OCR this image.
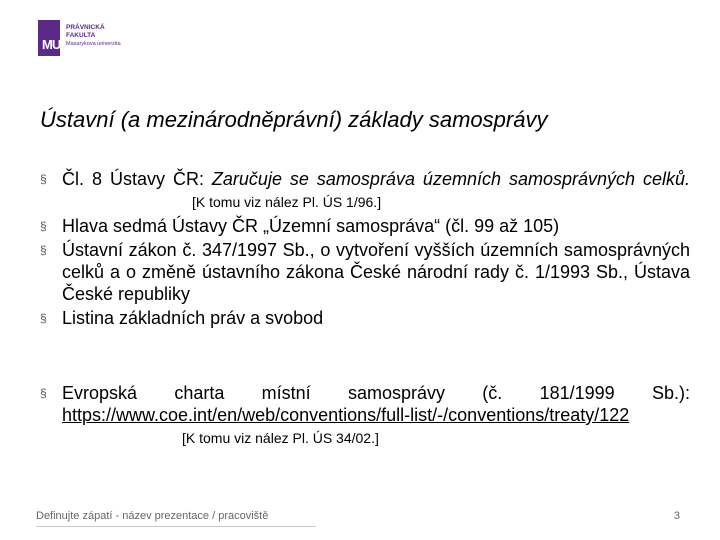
MU
PRÁVNICKÁ
FAKULTA
Masarykova univerzita
Ústavní (a mezinárodněprávní) základy samosprávy
§ Čl. 8 Ústavy ČR: Zaručuje se samospráva územních samosprávných celků. [K tomu viz nález Pl. ÚS 1/96.]
§ Hlava sedmá Ústavy ČR „Územní samospráva“ (čl. 99 až 105)
§ Ústavní zákon č. 347/1997 Sb., o vytvoření vyšších územních samosprávných celků a o změně ústavního zákona České národní rady č. 1/1993 Sb., Ústava České republiky
§ Listina základních práv a svobod
§ Evropská charta místní samosprávy (č. 181/1999 Sb.): https://www.coe.int/en/web/conventions/full-list/-/conventions/treaty/122 [K tomu viz nález Pl. ÚS 34/02.]
Definujte zápatí - název prezentace / pracoviště	3
